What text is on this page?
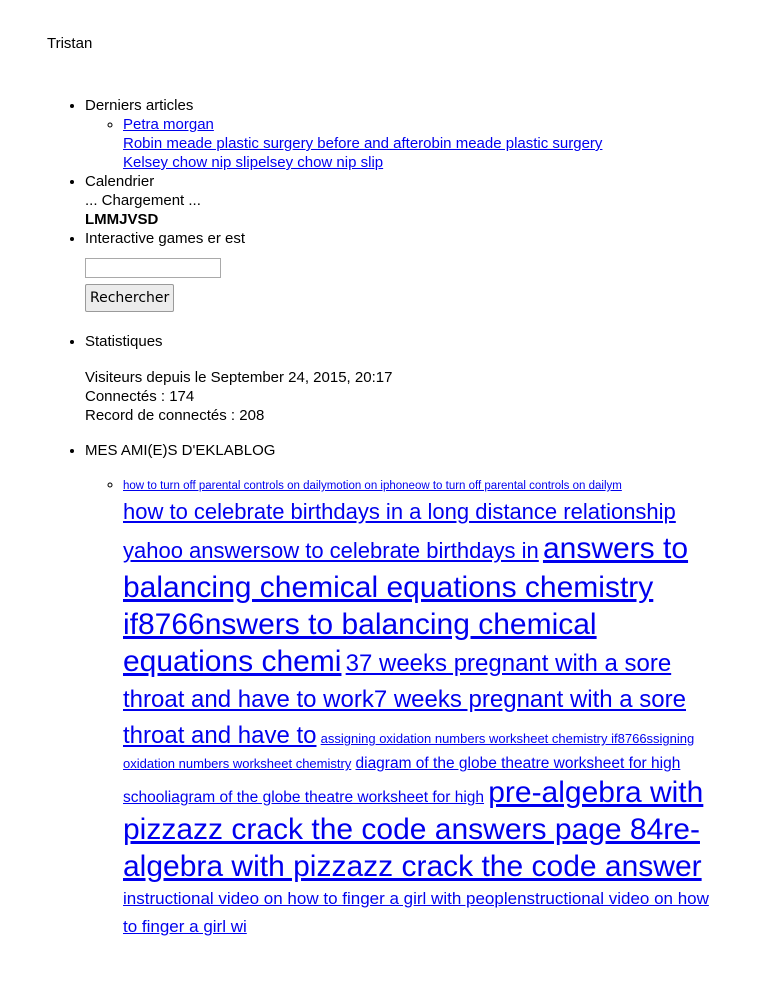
Tristan
• Derniers articles
◦ Petra morgan
Robin meade plastic surgery before and afterobin meade plastic surgery
Kelsey chow nip slipelsey chow nip slip
• Calendrier
... Chargement ...
LMMJVSD
• Interactive games er est
Rechercher
• Statistiques
Visiteurs depuis le September 24, 2015, 20:17
Connectés : 174
Record de connectés : 208
• MES AMI(E)S D'EKLABLOG
◦ how to turn off parental controls on dailymotion on iphoneow to turn off parental controls on dailym
how to celebrate birthdays in a long distance relationship yahoo answersow to celebrate birthdays in answers to balancing chemical equations chemistry if8766nswers to balancing chemical equations chemi 37 weeks pregnant with a sore throat and have to work7 weeks pregnant with a sore throat and have to assigning oxidation numbers worksheet chemistry if8766ssigning oxidation numbers worksheet chemistry diagram of the globe theatre worksheet for high schooliagram of the globe theatre worksheet for high pre-algebra with pizzazz crack the code answers page 84re-algebra with pizzazz crack the code answer instructional video on how to finger a girl with peoplenstructional video on how to finger a girl wi
